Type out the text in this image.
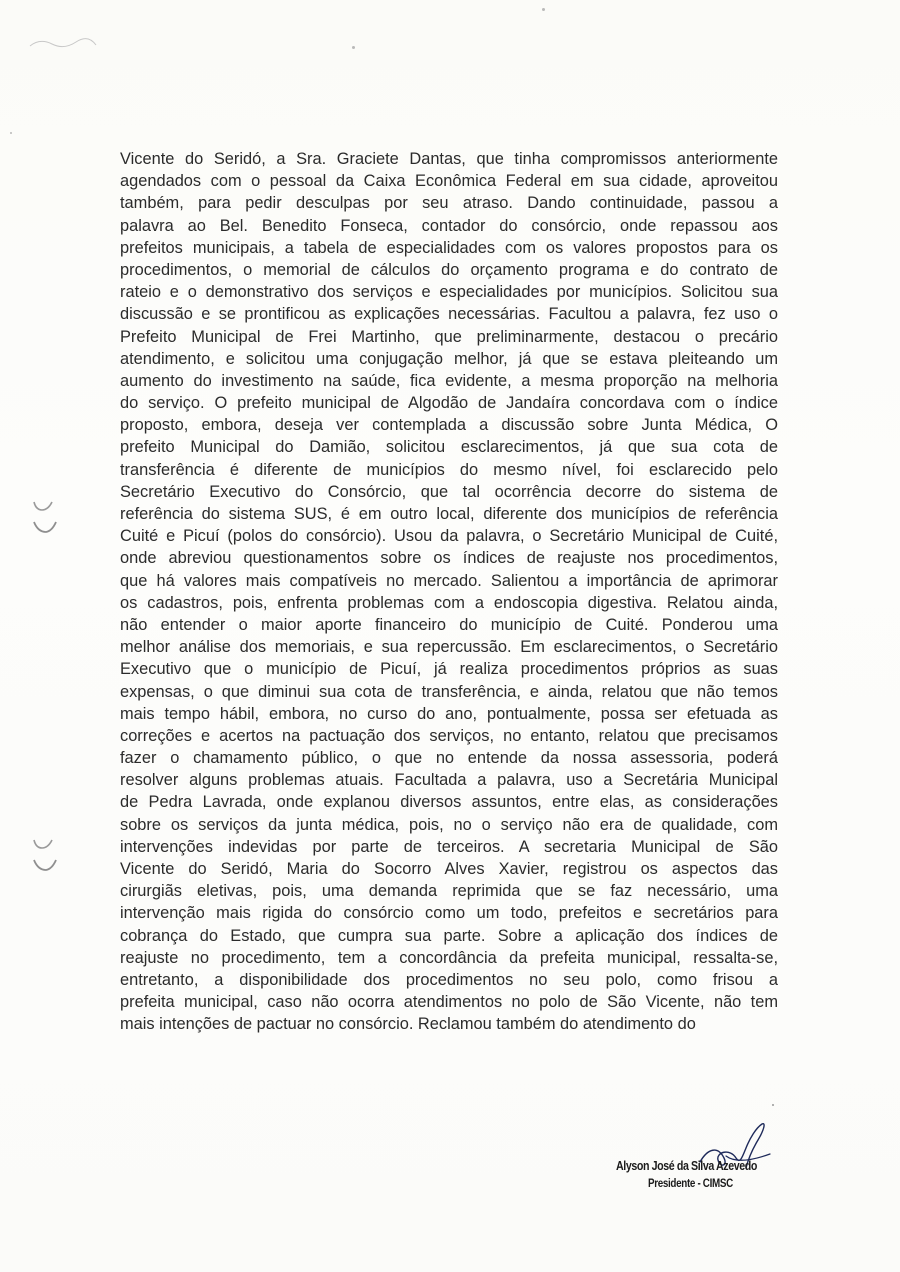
Vicente do Seridó, a Sra. Graciete Dantas, que tinha compromissos anteriormente
agendados com o pessoal da Caixa Econômica Federal em sua cidade, aproveitou
também, para pedir desculpas por seu atraso. Dando continuidade, passou a
palavra ao Bel. Benedito Fonseca, contador do consórcio, onde repassou aos
prefeitos municipais, a tabela de especialidades com os valores propostos para os
procedimentos, o memorial de cálculos do orçamento programa e do contrato de
rateio e o demonstrativo dos serviços e especialidades por municípios. Solicitou sua
discussão e se prontificou as explicações necessárias. Facultou a palavra, fez uso o
Prefeito Municipal de Frei Martinho, que preliminarmente, destacou o precário
atendimento, e solicitou uma conjugação melhor, já que se estava pleiteando um
aumento do investimento na saúde, fica evidente, a mesma proporção na melhoria
do serviço. O prefeito municipal de Algodão de Jandaíra concordava com o índice
proposto, embora, deseja ver contemplada a discussão sobre Junta Médica, O
prefeito Municipal do Damião, solicitou esclarecimentos, já que sua cota de
transferência é diferente de municípios do mesmo nível, foi esclarecido pelo
Secretário Executivo do Consórcio, que tal ocorrência decorre do sistema de
referência do sistema SUS, é em outro local, diferente dos municípios de referência
Cuité e Picuí (polos do consórcio). Usou da palavra, o Secretário Municipal de Cuité,
onde abreviou questionamentos sobre os índices de reajuste nos procedimentos,
que há valores mais compatíveis no mercado. Salientou a importância de aprimorar
os cadastros, pois, enfrenta problemas com a endoscopia digestiva. Relatou ainda,
não entender o maior aporte financeiro do município de Cuité. Ponderou uma
melhor análise dos memoriais, e sua repercussão. Em esclarecimentos, o Secretário
Executivo que o município de Picuí, já realiza procedimentos próprios as suas
expensas, o que diminui sua cota de transferência, e ainda, relatou que não temos
mais tempo hábil, embora, no curso do ano, pontualmente, possa ser efetuada as
correções e acertos na pactuação dos serviços, no entanto, relatou que precisamos
fazer o chamamento público, o que no entende da nossa assessoria, poderá
resolver alguns problemas atuais. Facultada a palavra, uso a Secretária Municipal
de Pedra Lavrada, onde explanou diversos assuntos, entre elas, as considerações
sobre os serviços da junta médica, pois, no o serviço não era de qualidade, com
intervenções indevidas por parte de terceiros. A secretaria Municipal de São
Vicente do Seridó, Maria do Socorro Alves Xavier, registrou os aspectos das
cirurgiãs eletivas, pois, uma demanda reprimida que se faz necessário, uma
intervenção mais rigida do consórcio como um todo, prefeitos e secretários para
cobrança do Estado, que cumpra sua parte. Sobre a aplicação dos índices de
reajuste no procedimento, tem a concordância da prefeita municipal, ressalta-se,
entretanto, a disponibilidade dos procedimentos no seu polo, como frisou a
prefeita municipal, caso não ocorra atendimentos no polo de São Vicente, não tem
mais intenções de pactuar no consórcio. Reclamou também do atendimento do
Alyson José da Silva Azevedo
Presidente - CIMSC
